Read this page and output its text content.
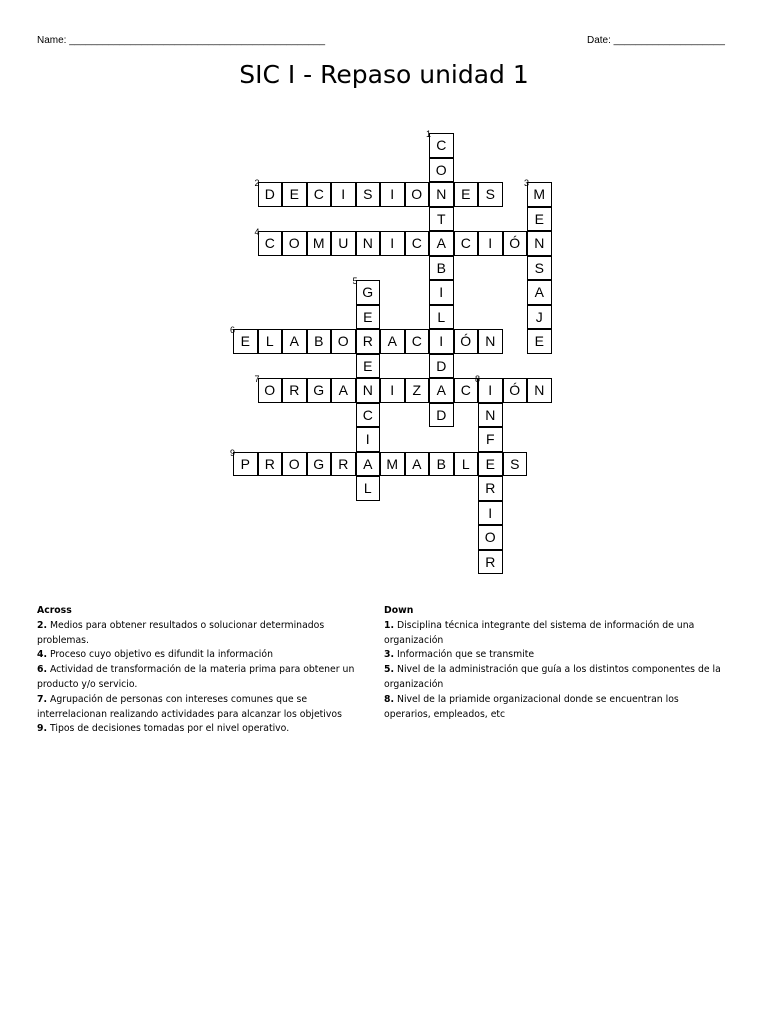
Name: ______________________________________________	Date: ____________________
SIC I - Repaso unidad 1
C
1
O
D
2
E C I S I O N E S	M
3
T	E
C
4
O M U N I C A C I Ó N
B	S
G
5
I	A
E	L	J
E
6
L A B O R A C I Ó N	E
E	D
O
7
R G A N I Z A C I
8
Ó N
C	D	N
I	F
P
9
R O G R A M A B L E S
L	R
I
O
R
Across
2. Medios para obtener resultados o solucionar determinados problemas.
4. Proceso cuyo objetivo es difundit la información
6. Actividad de transformación de la materia prima para obtener un producto y/o servicio.
7. Agrupación de personas con intereses comunes que se interrelacionan realizando actividades para alcanzar los objetivos
9. Tipos de decisiones tomadas por el nivel operativo.
Down
1. Disciplina técnica integrante del sistema de información de una organización
3. Información que se transmite
5. Nivel de la administración que guía a los distintos componentes de la organización
8. Nivel de la priamide organizacional donde se encuentran los operarios, empleados, etc
